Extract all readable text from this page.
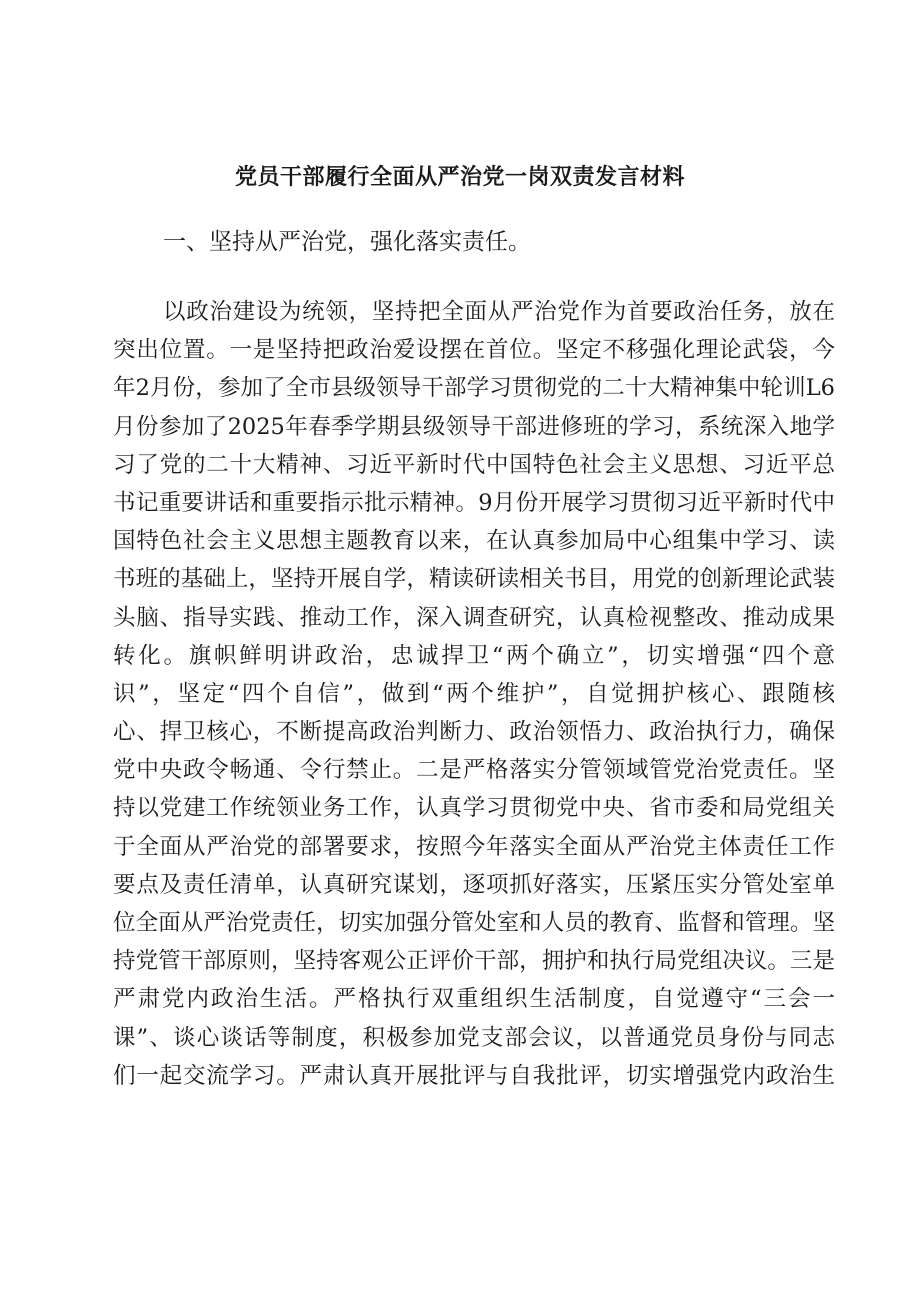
党员干部履行全面从严治党一岗双责发言材料
一、坚持从严治党，强化落实责任。
以政治建设为统领，坚持把全面从严治党作为首要政治任务，放在
突出位置。一是坚持把政治爱设摆在首位。坚定不移强化理论武袋，今
年2月份，参加了全市县级领导干部学习贯彻党的二十大精神集中轮训L6
月份参加了2025年春季学期县级领导干部进修班的学习，系统深入地学
习了党的二十大精神、习近平新时代中国特色社会主义思想、习近平总
书记重要讲话和重要指示批示精神。9月份开展学习贯彻习近平新时代中
国特色社会主义思想主题教育以来，在认真参加局中心组集中学习、读
书班的基础上，坚持开展自学，精读研读相关书目，用党的创新理论武装
头脑、指导实践、推动工作，深入调查研究，认真检视整改、推动成果
转化。旗帜鲜明讲政治，忠诚捍卫“两个确立”，切实增强“四个意
识”，坚定“四个自信”，做到“两个维护”，自觉拥护核心、跟随核
心、捍卫核心，不断提高政治判断力、政治领悟力、政治执行力，确保
党中央政令畅通、令行禁止。二是严格落实分管领域管党治党责任。坚
持以党建工作统领业务工作，认真学习贯彻党中央、省市委和局党组关
于全面从严治党的部署要求，按照今年落实全面从严治党主体责任工作
要点及责任清单，认真研究谋划，逐项抓好落实，压紧压实分管处室单
位全面从严治党责任，切实加强分管处室和人员的教育、监督和管理。坚
持党管干部原则，坚持客观公正评价干部，拥护和执行局党组决议。三是
严肃党内政治生活。严格执行双重组织生活制度，自觉遵守“三会一
课”、谈心谈话等制度，积极参加党支部会议，以普通党员身份与同志
们一起交流学习。严肃认真开展批评与自我批评，切实增强党内政治生
